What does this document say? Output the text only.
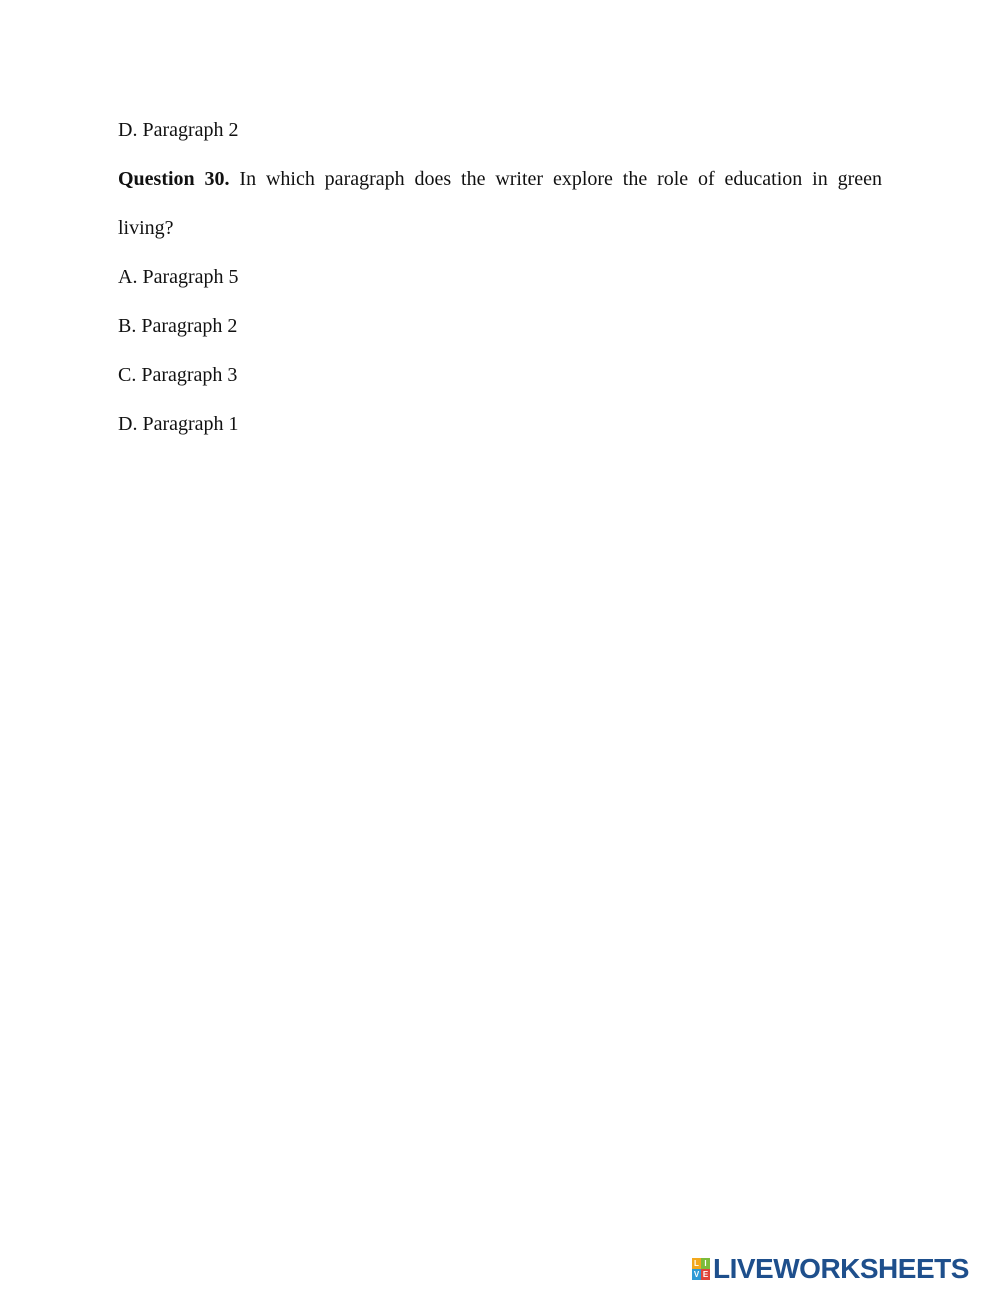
D. Paragraph 2
Question 30. In which paragraph does the writer explore the role of education in green
living?
A. Paragraph 5
B. Paragraph 2
C. Paragraph 3
D. Paragraph 1
L I
V E LIVEWORKSHEETS
